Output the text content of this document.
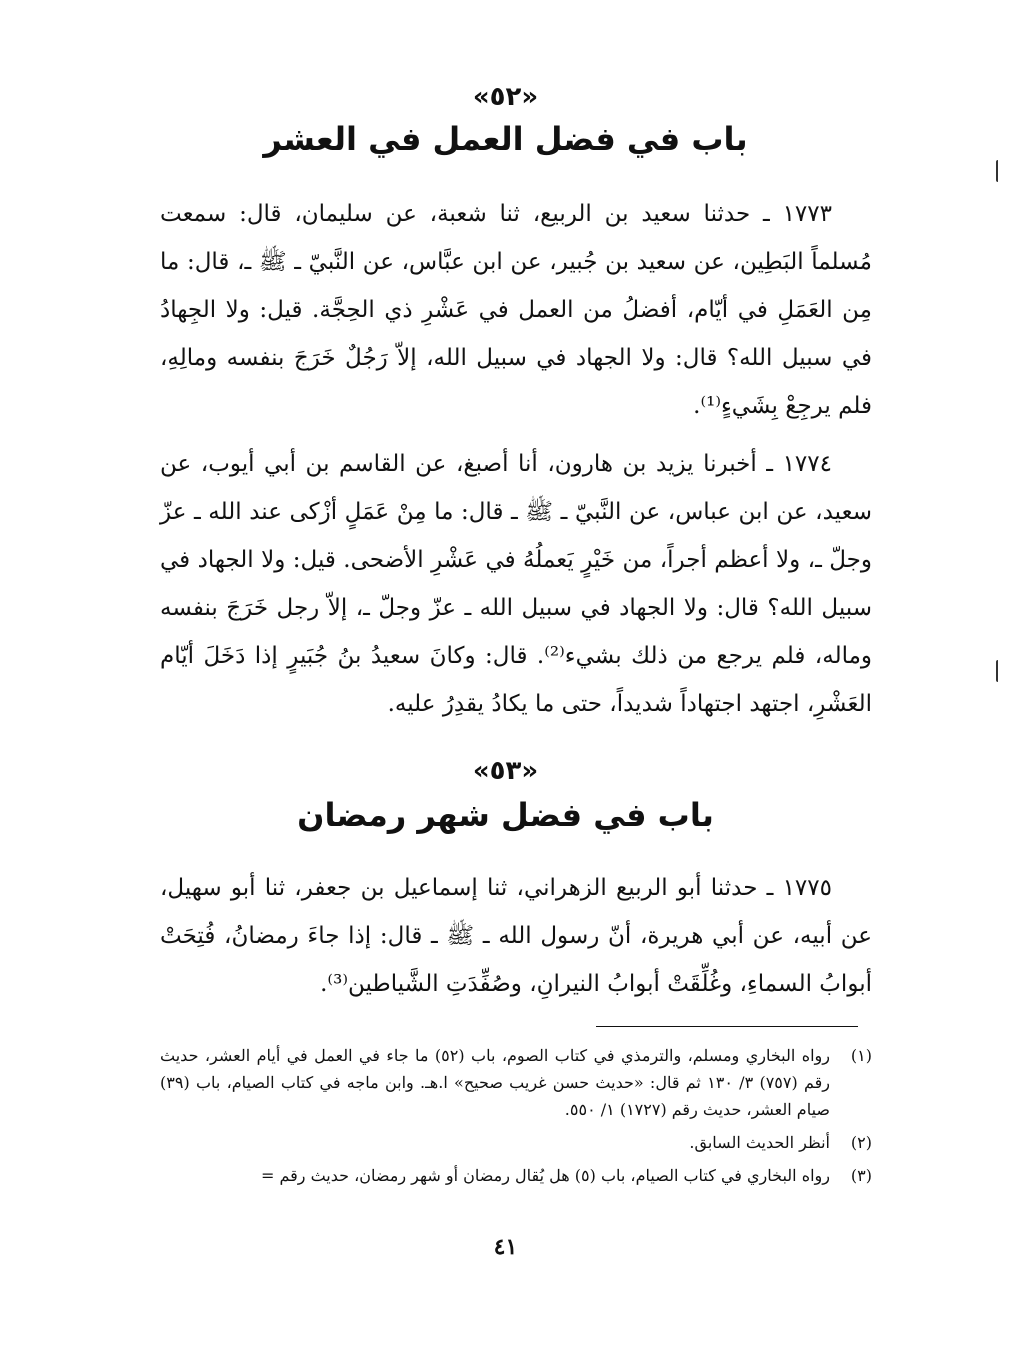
«٥٢»
باب في فضل العمل في العشر

١٧٧٣ ـ حدثنا سعيد بن الربيع، ثنا شعبة، عن سليمان، قال: سمعت مُسلماً البَطِين، عن سعيد بن جُبير، عن ابن عبَّاس، عن النَّبيّ ـ ﷺ ـ، قال: ما مِن العَمَلِ في أيّام، أفضلُ من العمل في عَشْرِ ذي الحِجَّة. قيل: ولا الجِهادُ في سبيل الله؟ قال: ولا الجهاد في سبيل الله، إلاّ رَجُلٌ خَرَجَ بنفسه ومالِهِ، فلم يرجِعْ بِشَيءٍ⁽¹⁾.

١٧٧٤ ـ أخبرنا يزيد بن هارون، أنا أصبغ، عن القاسم بن أبي أيوب، عن سعيد، عن ابن عباس، عن النَّبيّ ـ ﷺ ـ قال: ما مِنْ عَمَلٍ أزْكى عند الله ـ عزّ وجلّ ـ، ولا أعظم أجراً، من خَيْرٍ يَعملُهُ في عَشْرِ الأضحى. قيل: ولا الجهاد في سبيل الله؟ قال: ولا الجهاد في سبيل الله ـ عزّ وجلّ ـ، إلاّ رجل خَرَجَ بنفسه وماله، فلم يرجع من ذلك بشيء⁽²⁾. قال: وكانَ سعيدُ بنُ جُبَيرٍ إذا دَخَلَ أيّام العَشْرِ، اجتهد اجتهاداً شديداً، حتى ما يكادُ يقدِرُ عليه.

«٥٣»
باب في فضل شهر رمضان

١٧٧٥ ـ حدثنا أبو الربيع الزهراني، ثنا إسماعيل بن جعفر، ثنا أبو سهيل، عن أبيه، عن أبي هريرة، أنّ رسول الله ـ ﷺ ـ قال: إذا جاءَ رمضانُ، فُتِحَتْ أبوابُ السماءِ، وغُلِّقَتْ أبوابُ النيرانِ، وصُفِّدَتِ الشَّياطين⁽³⁾.

(١)
رواه البخاري ومسلم، والترمذي في كتاب الصوم، باب (٥٢) ما جاء في العمل في أيام العشر، حديث رقم (٧٥٧) ٣/ ١٣٠ ثم قال: «حديث حسن غريب صحيح» ا.هـ. وابن ماجه في كتاب الصيام، باب (٣٩) صيام العشر، حديث رقم (١٧٢٧) ١/ ٥٥٠.
(٢)
أنظر الحديث السابق.
(٣)
رواه البخاري في كتاب الصيام، باب (٥) هل يُقال رمضان أو شهر رمضان، حديث رقم =
٤١
